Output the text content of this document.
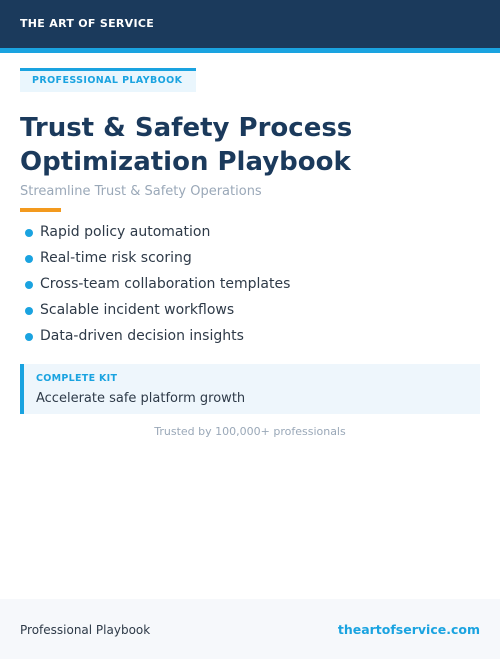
THE ART OF SERVICE
PROFESSIONAL PLAYBOOK
Trust & Safety Process Optimization Playbook
Streamline Trust & Safety Operations
Rapid policy automation
Real-time risk scoring
Cross-team collaboration templates
Scalable incident workflows
Data-driven decision insights
COMPLETE KIT
Accelerate safe platform growth
Trusted by 100,000+ professionals
Professional Playbook	theartofservice.com
